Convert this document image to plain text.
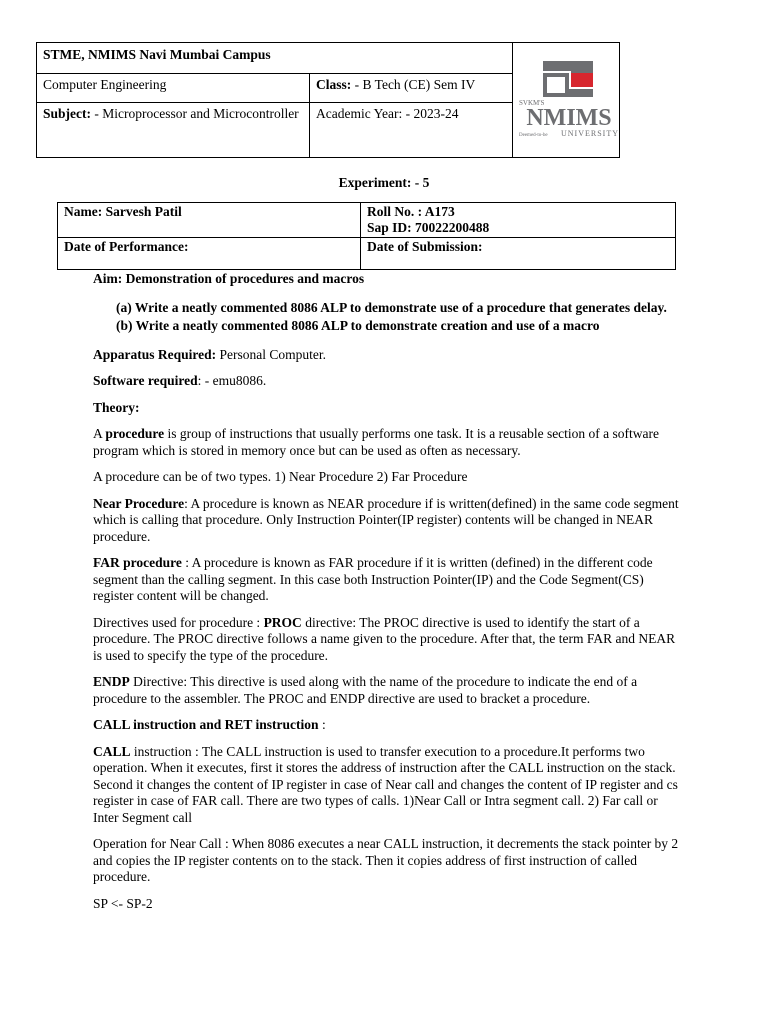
STME, NMIMS Navi Mumbai Campus		SVKM'S
NMIMS
Deemed-to-be UNIVERSITY

Computer Engineering	Class: - B Tech (CE) Sem IV	
Subject: - Microprocessor and Microcontroller	Academic Year: - 2023-24	
Experiment: - 5
Name: Sarvesh Patil	Roll No. : A173
Sap ID: 70022200488

Date of Performance:	Date of Submission:

Aim: Demonstration of procedures and macros

(a) Write a neatly commented 8086 ALP to demonstrate use of a procedure that generates delay.
(b) Write a neatly commented 8086 ALP to demonstrate creation and use of a macro

Apparatus Required: Personal Computer.

Software required: - emu8086.

Theory:

A procedure is group of instructions that usually performs one task. It is a reusable section of a software program which is stored in memory once but can be used as often as necessary.

A procedure can be of two types. 1) Near Procedure 2) Far Procedure

Near Procedure: A procedure is known as NEAR procedure if is written(defined) in the same code segment which is calling that procedure. Only Instruction Pointer(IP register) contents will be changed in NEAR procedure.

FAR procedure : A procedure is known as FAR procedure if it is written (defined) in the different code segment than the calling segment. In this case both Instruction Pointer(IP) and the Code Segment(CS) register content will be changed.

Directives used for procedure : PROC directive: The PROC directive is used to identify the start of a procedure. The PROC directive follows a name given to the procedure. After that, the term FAR and NEAR is used to specify the type of the procedure.

ENDP Directive: This directive is used along with the name of the procedure to indicate the end of a procedure to the assembler. The PROC and ENDP directive are used to bracket a procedure.

CALL instruction and RET instruction :

CALL instruction : The CALL instruction is used to transfer execution to a procedure.It performs two operation. When it executes, first it stores the address of instruction after the CALL instruction on the stack. Second it changes the content of IP register in case of Near call and changes the content of IP register and cs register in case of FAR call. There are two types of calls. 1)Near Call or Intra segment call. 2) Far call or Inter Segment call

Operation for Near Call : When 8086 executes a near CALL instruction, it decrements the stack pointer by 2 and copies the IP register contents on to the stack. Then it copies address of first instruction of called procedure.

SP <- SP-2
